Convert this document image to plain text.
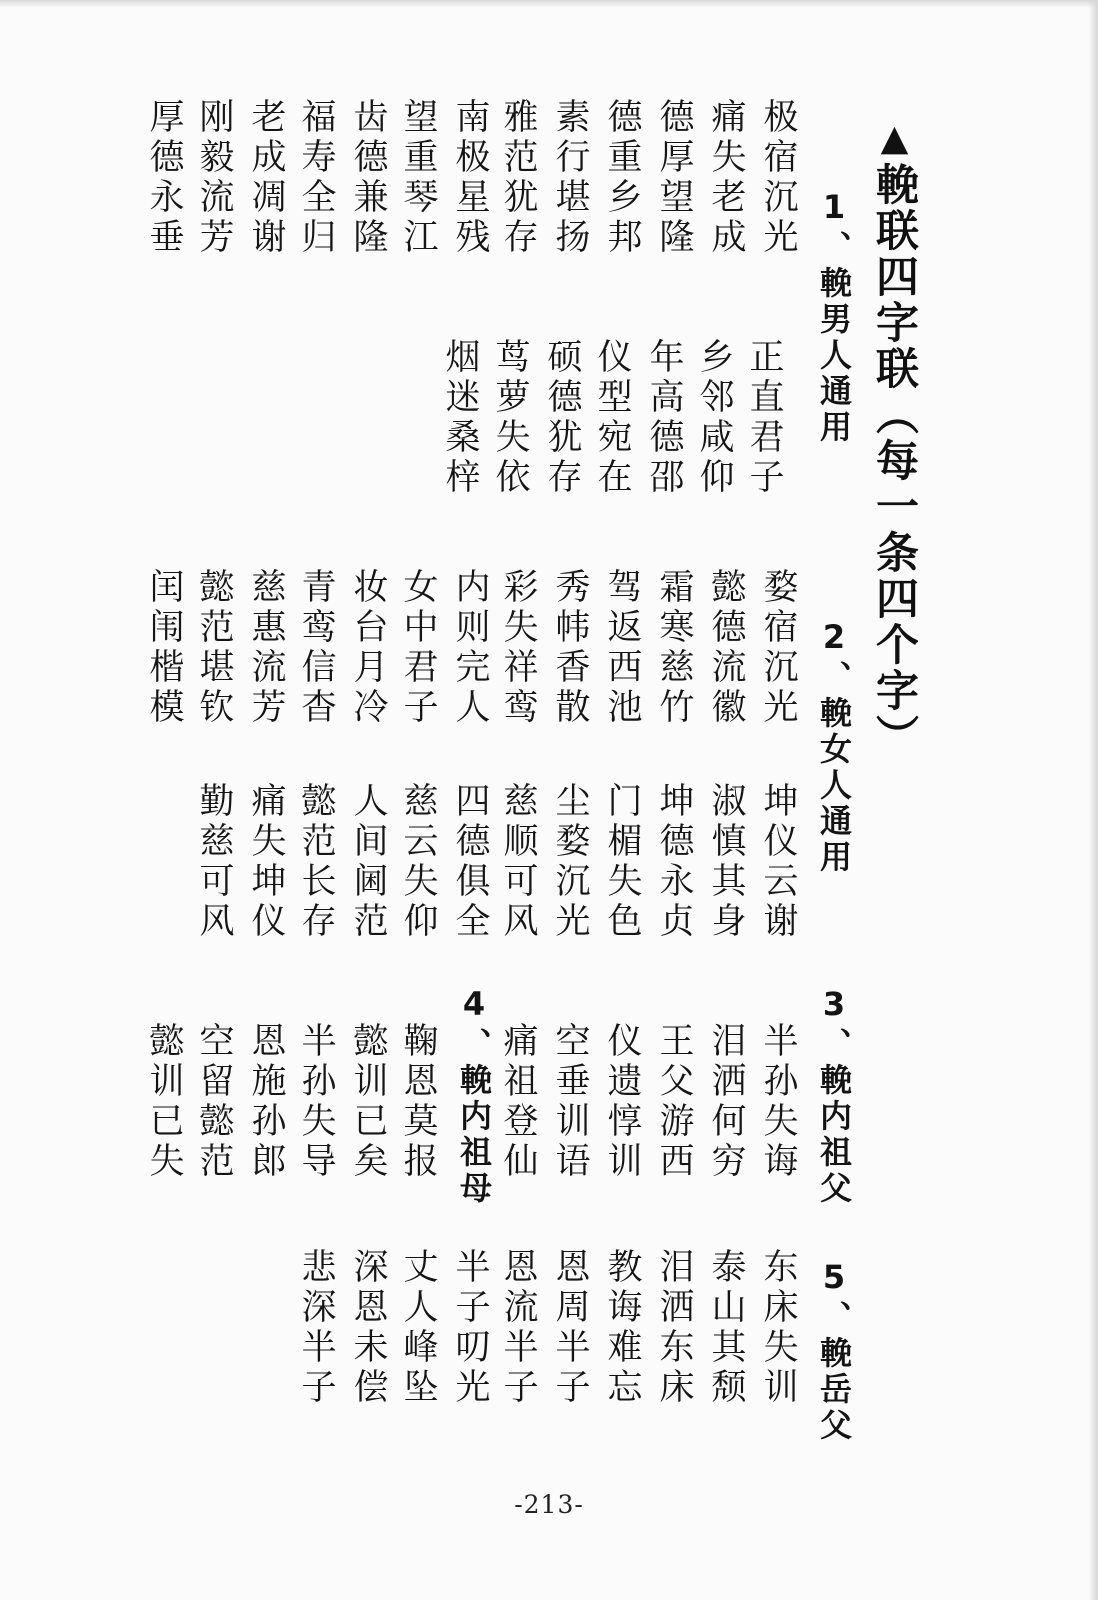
▲輓联四字联（每一条四个字）
1、輓男人通用
2、輓女人通用
3、輓内祖父
4、輓内祖母
5、輓岳父
极宿沉光
痛失老成
德厚望隆
德重乡邦
素行堪扬
雅范犹存
南极星残
望重琴江
齿德兼隆
福寿全归
老成凋谢
刚毅流芳
厚德永垂
正直君子
乡邻咸仰
年高德邵
仪型宛在
硕德犹存
茑萝失依
烟迷桑梓
婺宿沉光
懿德流徽
霜寒慈竹
驾返西池
秀帏香散
彩失祥鸾
内则完人
女中君子
妆台月冷
青鸾信杳
慈惠流芳
懿范堪钦
闰闱楷模
坤仪云谢
淑慎其身
坤德永贞
门楣失色
尘婺沉光
慈顺可风
四德俱全
慈云失仰
人间阃范
懿范长存
痛失坤仪
勤慈可风
半孙失诲
泪洒何穷
王父游西
仪遗惇训
空垂训语
痛祖登仙
鞠恩莫报
懿训已矣
半孙失导
恩施孙郎
空留懿范
懿训已失
东床失训
泰山其颓
泪洒东床
教诲难忘
恩周半子
恩流半子
半子叨光
丈人峰坠
深恩未偿
悲深半子
-213-
